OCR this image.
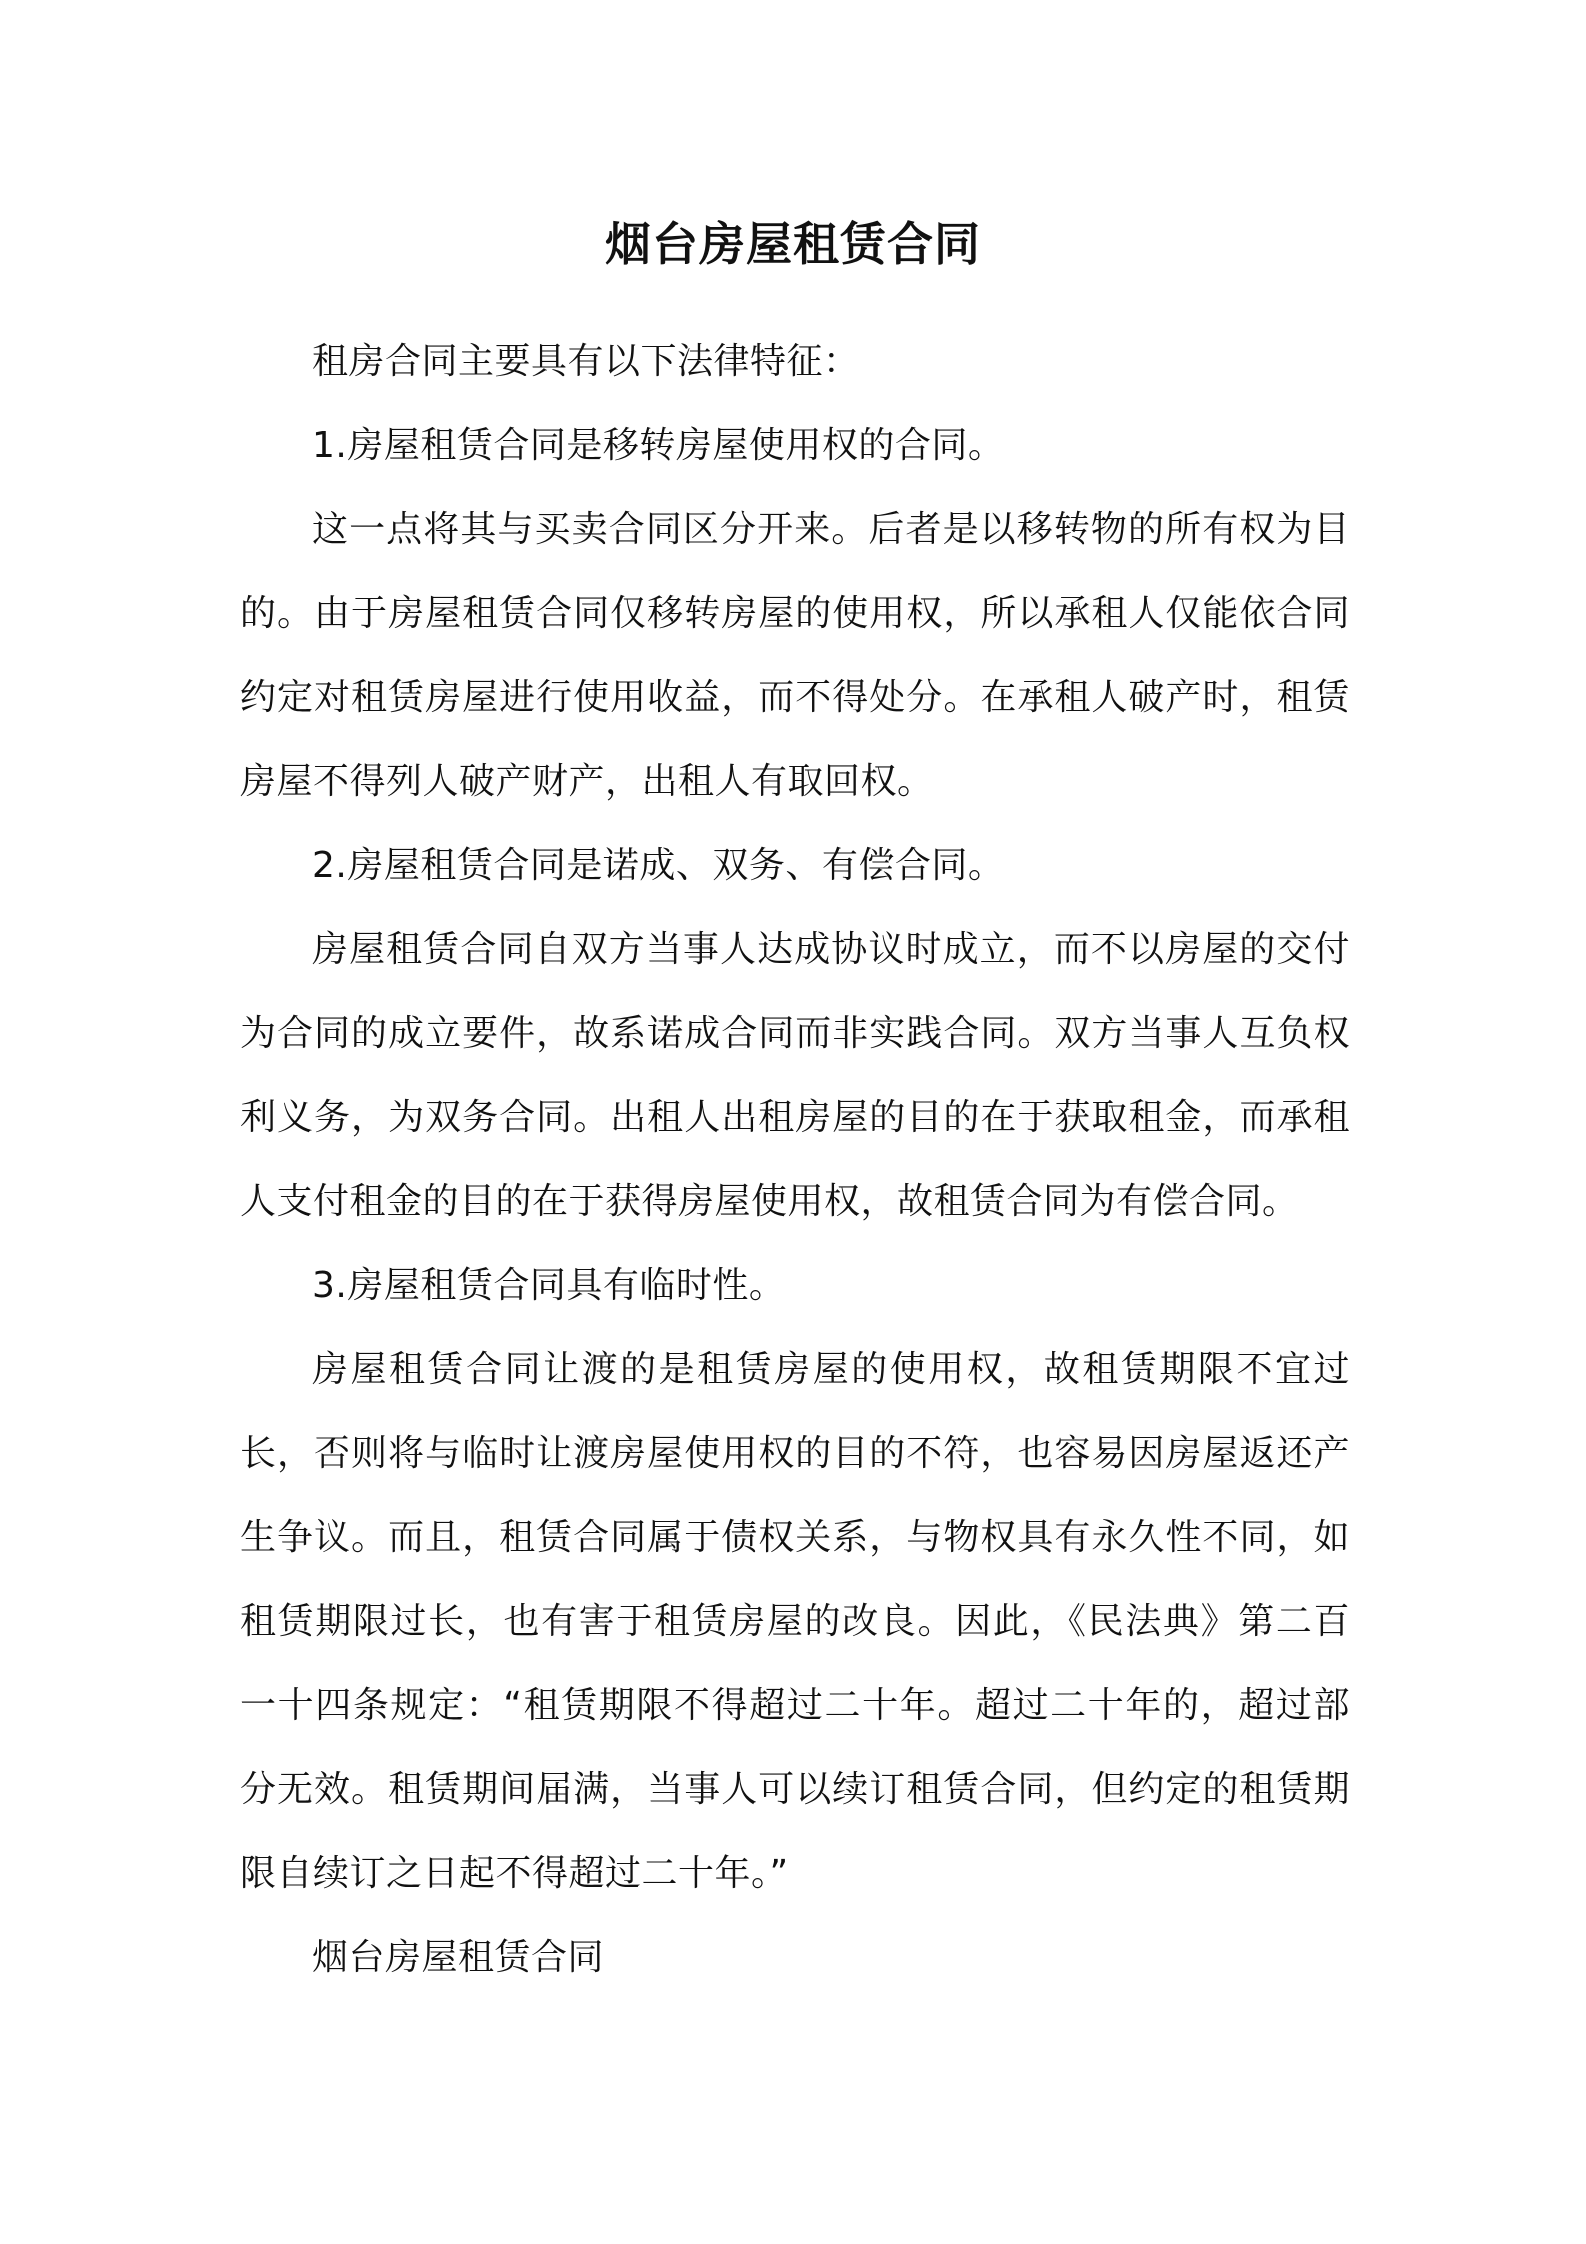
烟台房屋租赁合同

租房合同主要具有以下法律特征：

1.房屋租赁合同是移转房屋使用权的合同。

这一点将其与买卖合同区分开来。后者是以移转物的所有权为目的。由于房屋租赁合同仅移转房屋的使用权，所以承租人仅能依合同约定对租赁房屋进行使用收益，而不得处分。在承租人破产时，租赁房屋不得列人破产财产，出租人有取回权。

2.房屋租赁合同是诺成、双务、有偿合同。

房屋租赁合同自双方当事人达成协议时成立，而不以房屋的交付为合同的成立要件，故系诺成合同而非实践合同。双方当事人互负权利义务，为双务合同。出租人出租房屋的目的在于获取租金，而承租人支付租金的目的在于获得房屋使用权，故租赁合同为有偿合同。

3.房屋租赁合同具有临时性。

房屋租赁合同让渡的是租赁房屋的使用权，故租赁期限不宜过长，否则将与临时让渡房屋使用权的目的不符，也容易因房屋返还产生争议。而且，租赁合同属于债权关系，与物权具有永久性不同，如租赁期限过长，也有害于租赁房屋的改良。因此，《民法典》第二百一十四条规定：“租赁期限不得超过二十年。超过二十年的，超过部分无效。租赁期间届满，当事人可以续订租赁合同，但约定的租赁期限自续订之日起不得超过二十年。”

烟台房屋租赁合同
